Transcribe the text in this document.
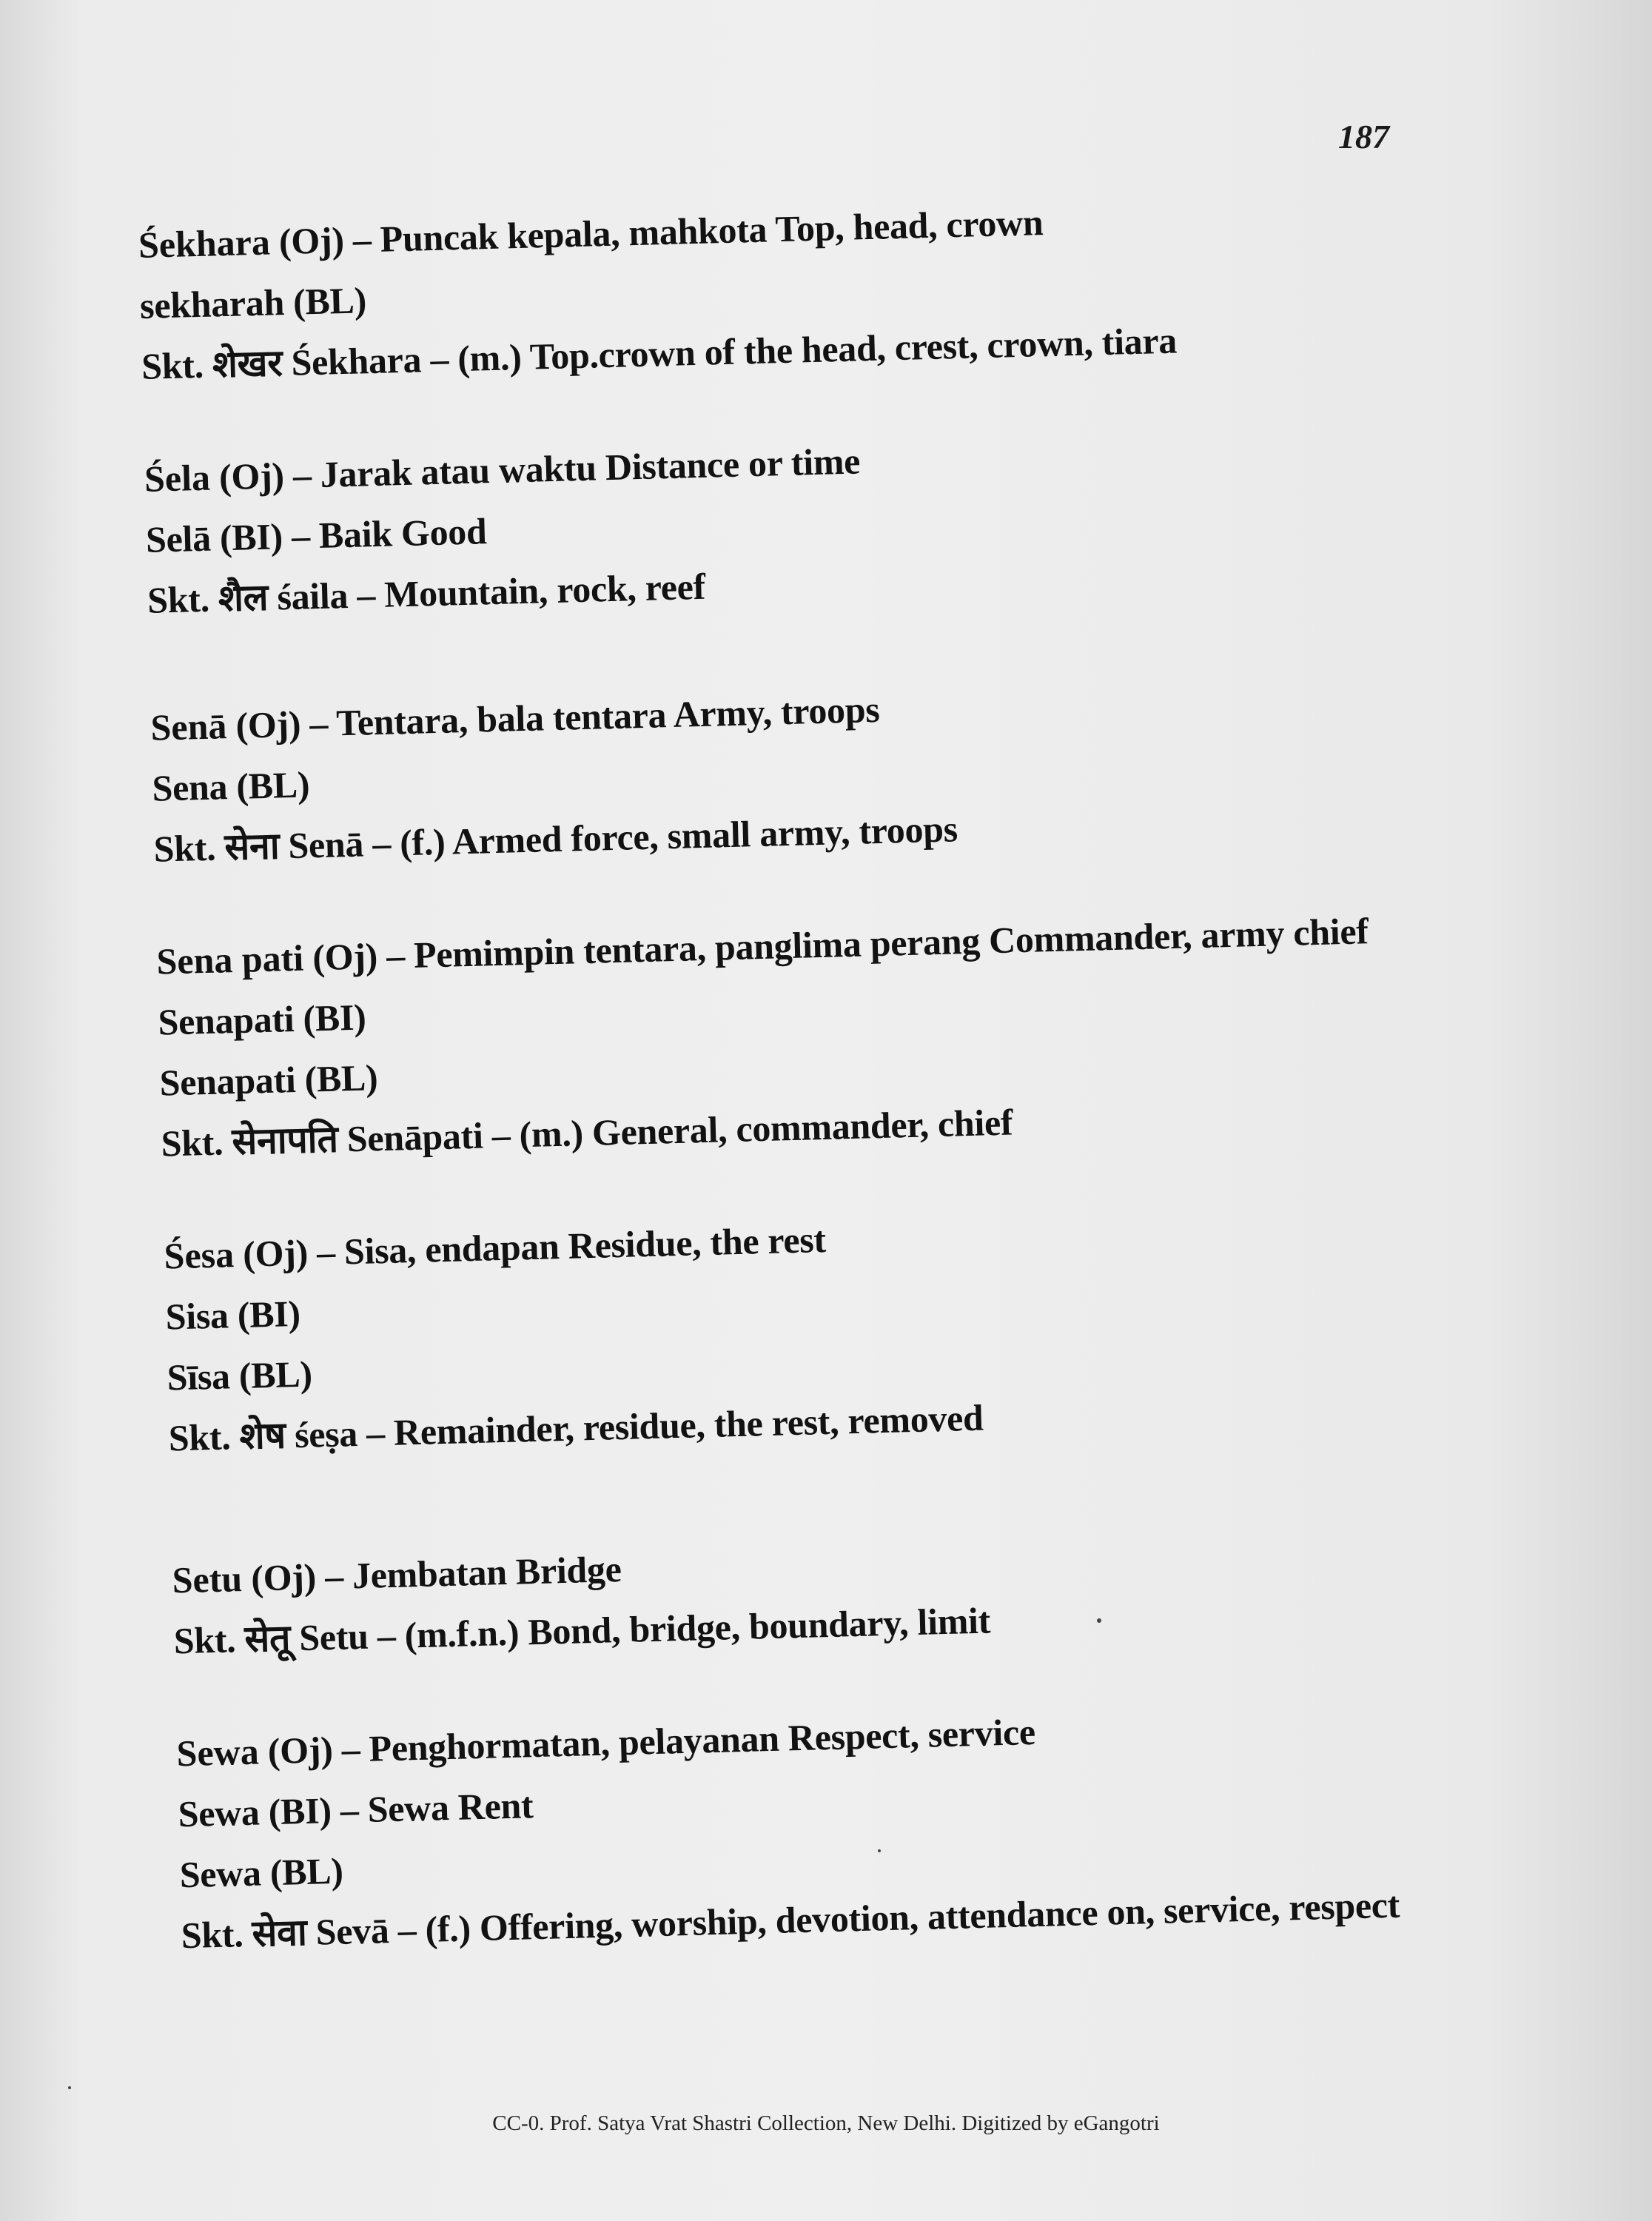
187
Śekhara (Oj) – Puncak kepala, mahkota Top, head, crown
sekharah (BL)
Skt. शेखर Śekhara – (m.) Top.crown of the head, crest, crown, tiara
Śela (Oj) – Jarak atau waktu Distance or time
Selā (BI) – Baik Good
Skt. शैल śaila – Mountain, rock, reef
Senā (Oj) – Tentara, bala tentara Army, troops
Sena (BL)
Skt. सेना Senā – (f.) Armed force, small army, troops
Sena pati (Oj) – Pemimpin tentara, panglima perang Commander, army chief
Senapati (BI)
Senapati (BL)
Skt. सेनापति Senāpati – (m.) General, commander, chief
Śesa (Oj) – Sisa, endapan Residue, the rest
Sisa (BI)
Sīsa (BL)
Skt. शेष śeṣa – Remainder, residue, the rest, removed
Setu (Oj) – Jembatan Bridge
Skt. सेतू Setu – (m.f.n.) Bond, bridge, boundary, limit
Sewa (Oj) – Penghormatan, pelayanan Respect, service
Sewa (BI) – Sewa Rent
Sewa (BL)
Skt. सेवा Sevā – (f.) Offering, worship, devotion, attendance on, service, respect
CC-0. Prof. Satya Vrat Shastri Collection, New Delhi. Digitized by eGangotri
